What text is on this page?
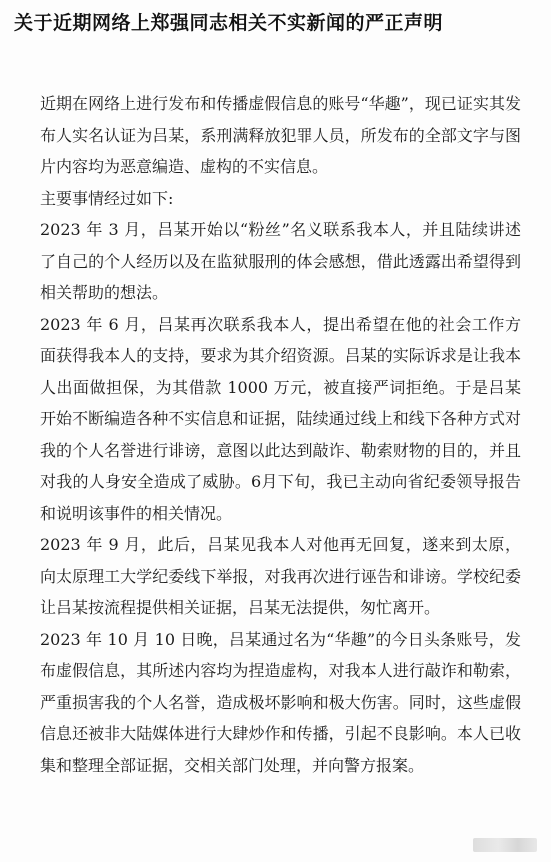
关于近期网络上郑强同志相关不实新闻的严正声明

近期在网络上进行发布和传播虚假信息的账号“华趣”，现已证实其发布人实名认证为吕某，系刑满释放犯罪人员，所发布的全部文字与图片内容均为恶意编造、虚构的不实信息。

主要事情经过如下:

2023 年 3 月，吕某开始以“粉丝”名义联系我本人，并且陆续讲述了自己的个人经历以及在监狱服刑的体会感想，借此透露出希望得到相关帮助的想法。

2023 年 6 月，吕某再次联系我本人，提出希望在他的社会工作方面获得我本人的支持，要求为其介绍资源。吕某的实际诉求是让我本人出面做担保，为其借款 1000 万元，被直接严词拒绝。于是吕某开始不断编造各种不实信息和证据，陆续通过线上和线下各种方式对我的个人名誉进行诽谤，意图以此达到敲诈、勒索财物的目的，并且对我的人身安全造成了威胁。6月下旬，我已主动向省纪委领导报告和说明该事件的相关情况。

2023 年 9 月，此后，吕某见我本人对他再无回复，遂来到太原，向太原理工大学纪委线下举报，对我再次进行诬告和诽谤。学校纪委让吕某按流程提供相关证据，吕某无法提供，匆忙离开。

2023 年 10 月 10 日晚，吕某通过名为“华趣”的今日头条账号，发布虚假信息，其所述内容均为捏造虚构，对我本人进行敲诈和勒索，严重损害我的个人名誉，造成极坏影响和极大伤害。同时，这些虚假信息还被非大陆媒体进行大肆炒作和传播，引起不良影响。本人已收集和整理全部证据，交相关部门处理，并向警方报案。
